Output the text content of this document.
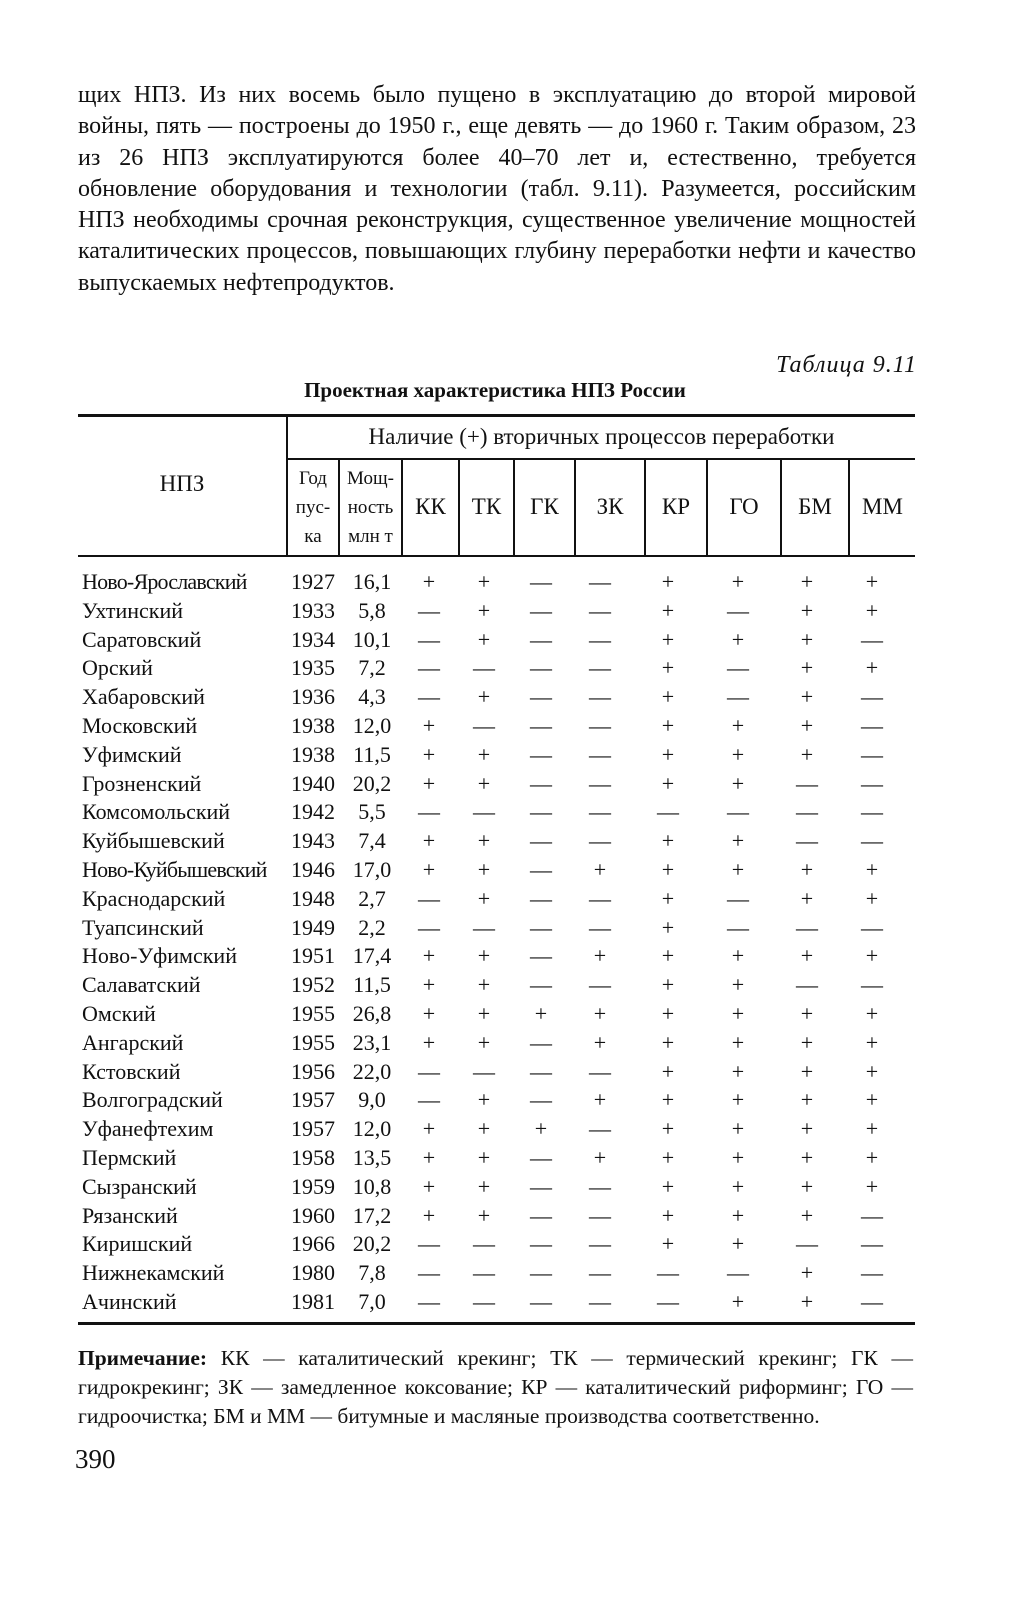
щих НПЗ. Из них восемь было пущено в эксплуатацию до второй мировой войны, пять — построены до 1950 г., еще девять — до 1960 г. Таким образом, 23 из 26 НПЗ эксплуатируются более 40–70 лет и, естественно, требуется обновление оборудования и технологии (табл. 9.11). Разумеется, российским НПЗ необходимы срочная реконструкция, существенное увеличение мощностей каталитических процессов, повышающих глубину переработки нефти и качество выпускаемых нефтепродуктов.

Таблица 9.11
Проектная характеристика НПЗ России
НПЗ
Наличие (+) вторичных процессов переработки
Год
пус-
ка
Мощ-
ность
млн т
КК	ТК	ГК	ЗК	КР	ГО	БМ	ММ
Ново-Ярославский 1927 16,1	+	+	—	—	+	+	+	+
Ухтинский	1933	5,8	—	+	—	—	+	—	+	+
Саратовский	1934 10,1	—	+	—	—	+	+	+	—
Орский	1935	7,2	—	—	—	—	+	—	+	+
Хабаровский	1936	4,3	—	+	—	—	+	—	+	—
Московский	1938 12,0	+	—	—	—	+	+	+	—
Уфимский	1938 11,5	+	+	—	—	+	+	+	—
Грозненский	1940 20,2	+	+	—	—	+	+	—	—
Комсомольский	1942	5,5	—	—	—	—	—	—	—	—
Куйбышевский	1943	7,4	+	+	—	—	+	+	—	—
Ново-Куйбышевский 1946 17,0	+	+	—	+	+	+	+	+
Краснодарский	1948	2,7	—	+	—	—	+	—	+	+
Туапсинский	1949	2,2	—	—	—	—	+	—	—	—
Ново-Уфимский 1951 17,4	+	+	—	+	+	+	+	+
Салаватский	1952 11,5	+	+	—	—	+	+	—	—
Омский	1955 26,8	+	+	+	+	+	+	+	+
Ангарский	1955 23,1	+	+	—	+	+	+	+	+
Кстовский	1956 22,0	—	—	—	—	+	+	+	+
Волгоградский	1957	9,0	—	+	—	+	+	+	+	+
Уфанефтехим	1957 12,0	+	+	+	—	+	+	+	+
Пермский	1958 13,5	+	+	—	+	+	+	+	+
Сызранский	1959 10,8	+	+	—	—	+	+	+	+
Рязанский	1960 17,2	+	+	—	—	+	+	+	—
Киришский	1966 20,2	—	—	—	—	+	+	—	—
Нижнекамский	1980	7,8	—	—	—	—	—	—	+	—
Ачинский	1981	7,0	—	—	—	—	—	+	+	—

Примечание: КК — каталитический крекинг; ТК — термический крекинг; ГК — гидрокрекинг; ЗК — замедленное коксование; КР — каталитический риформинг; ГО — гидроочистка; БМ и ММ — битумные и масляные производства соответственно.

390
